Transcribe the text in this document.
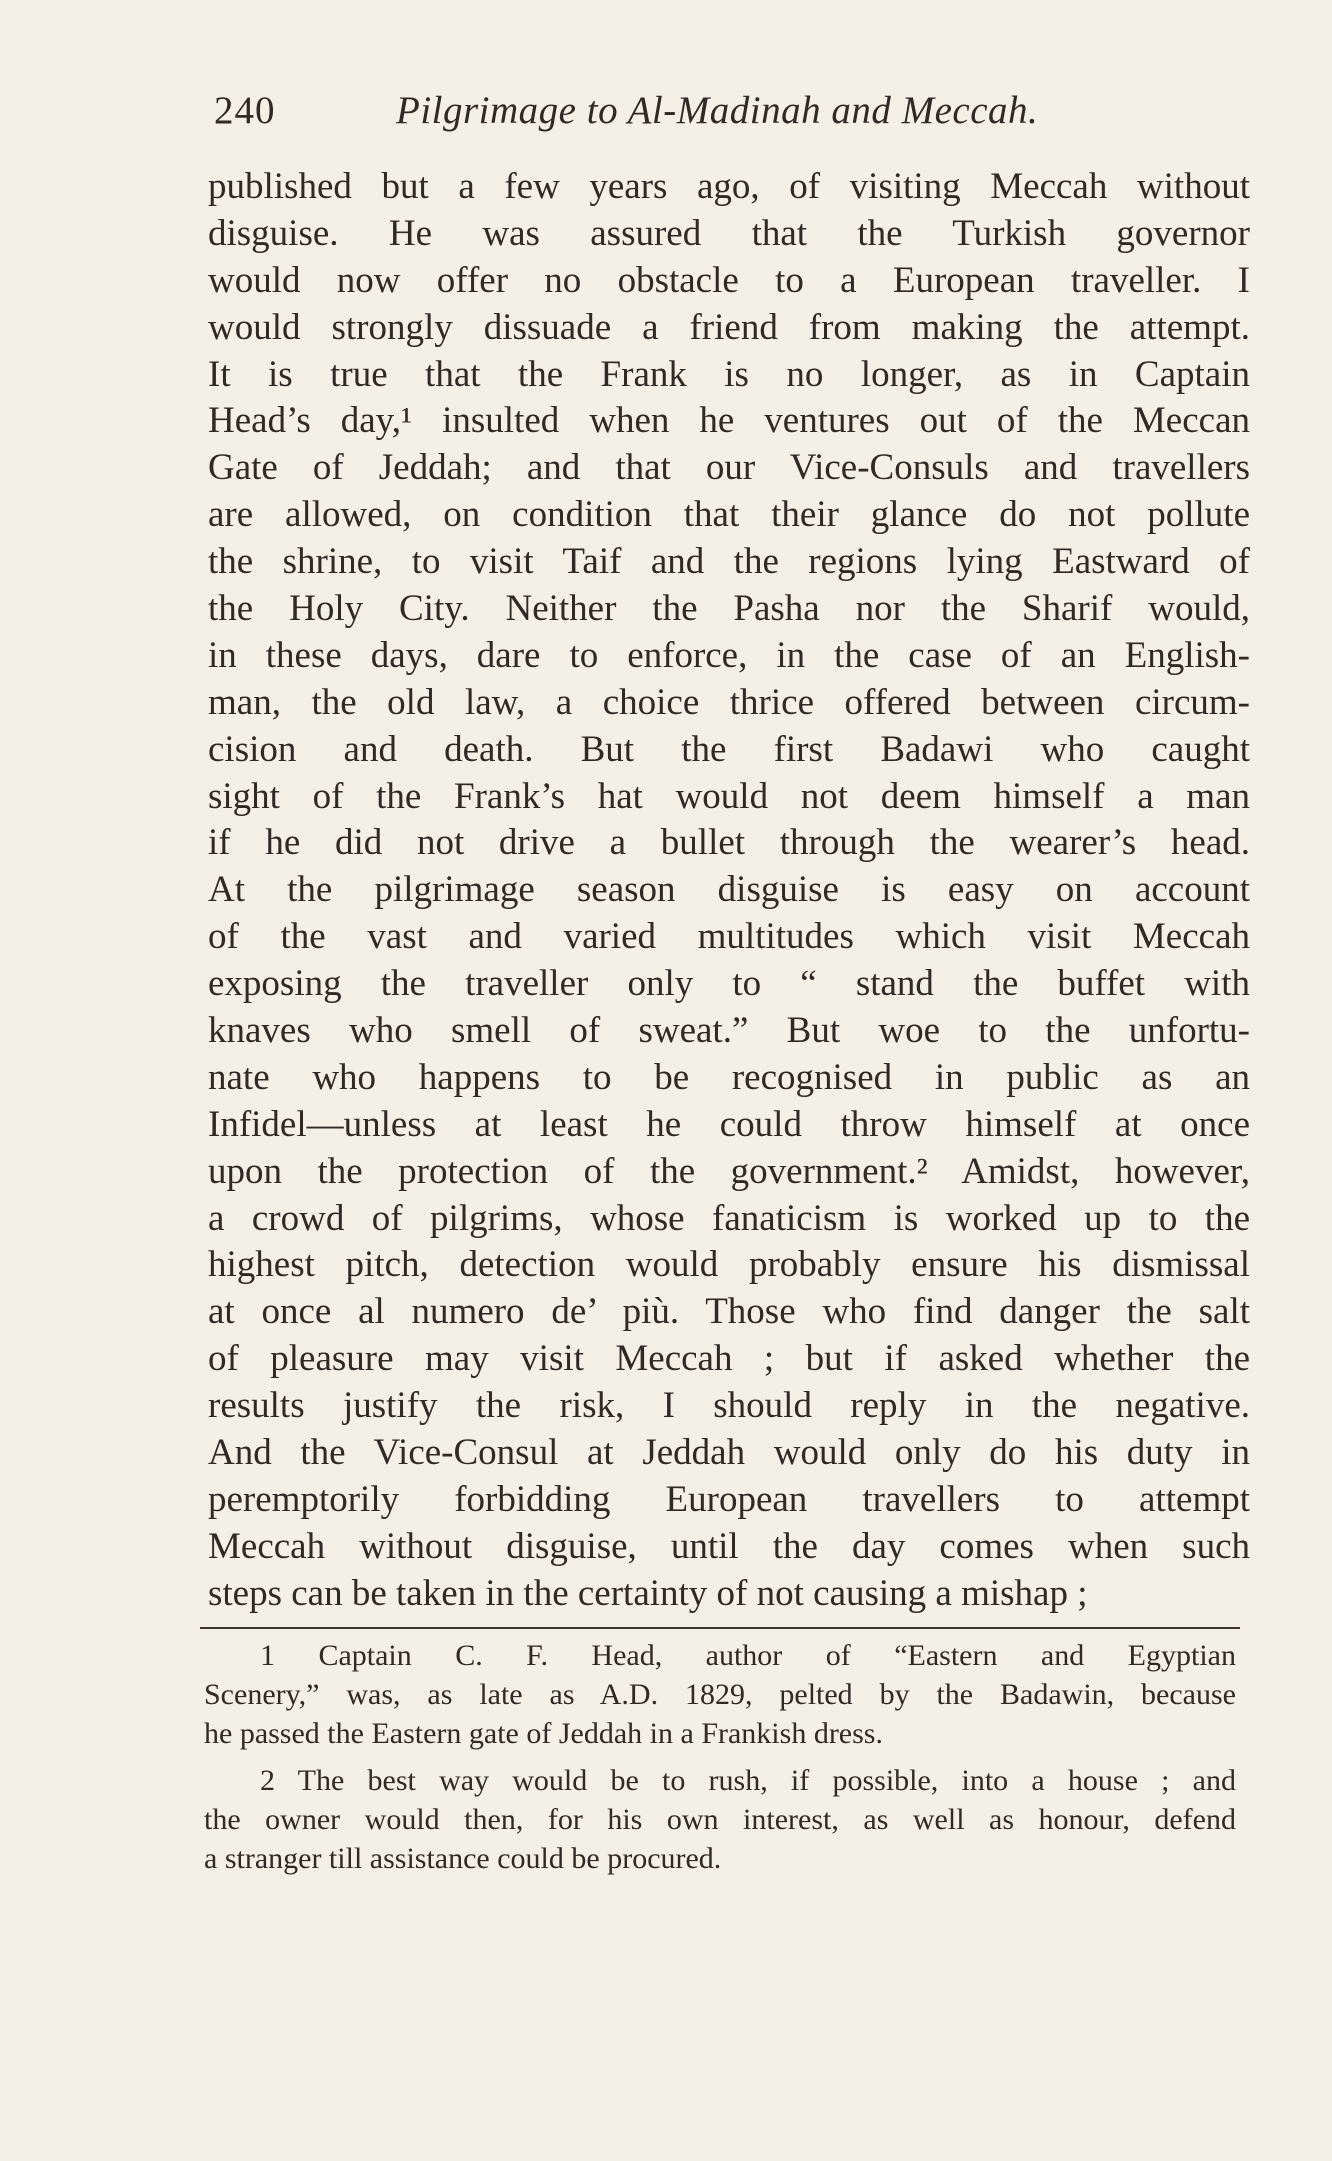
240	Pilgrimage to Al-Madinah and Meccah.
published but a few years ago, of visiting Meccah without
disguise. He was assured that the Turkish governor
would now offer no obstacle to a European traveller. I
would strongly dissuade a friend from making the attempt.
It is true that the Frank is no longer, as in Captain
Head’s day,¹ insulted when he ventures out of the Meccan
Gate of Jeddah; and that our Vice-Consuls and travellers
are allowed, on condition that their glance do not pollute
the shrine, to visit Taif and the regions lying Eastward of
the Holy City. Neither the Pasha nor the Sharif would,
in these days, dare to enforce, in the case of an English-
man, the old law, a choice thrice offered between circum-
cision and death. But the first Badawi who caught
sight of the Frank’s hat would not deem himself a man
if he did not drive a bullet through the wearer’s head.
At the pilgrimage season disguise is easy on account
of the vast and varied multitudes which visit Meccah
exposing the traveller only to “ stand the buffet with
knaves who smell of sweat.” But woe to the unfortu-
nate who happens to be recognised in public as an
Infidel—unless at least he could throw himself at once
upon the protection of the government.² Amidst, however,
a crowd of pilgrims, whose fanaticism is worked up to the
highest pitch, detection would probably ensure his dismissal
at once al numero de’ più. Those who find danger the salt
of pleasure may visit Meccah ; but if asked whether the
results justify the risk, I should reply in the negative.
And the Vice-Consul at Jeddah would only do his duty in
peremptorily forbidding European travellers to attempt
Meccah without disguise, until the day comes when such
steps can be taken in the certainty of not causing a mishap ;
1 Captain C. F. Head, author of “Eastern and Egyptian
Scenery,” was, as late as A.D. 1829, pelted by the Badawin, because
he passed the Eastern gate of Jeddah in a Frankish dress.
2 The best way would be to rush, if possible, into a house ; and
the owner would then, for his own interest, as well as honour, defend
a stranger till assistance could be procured.
